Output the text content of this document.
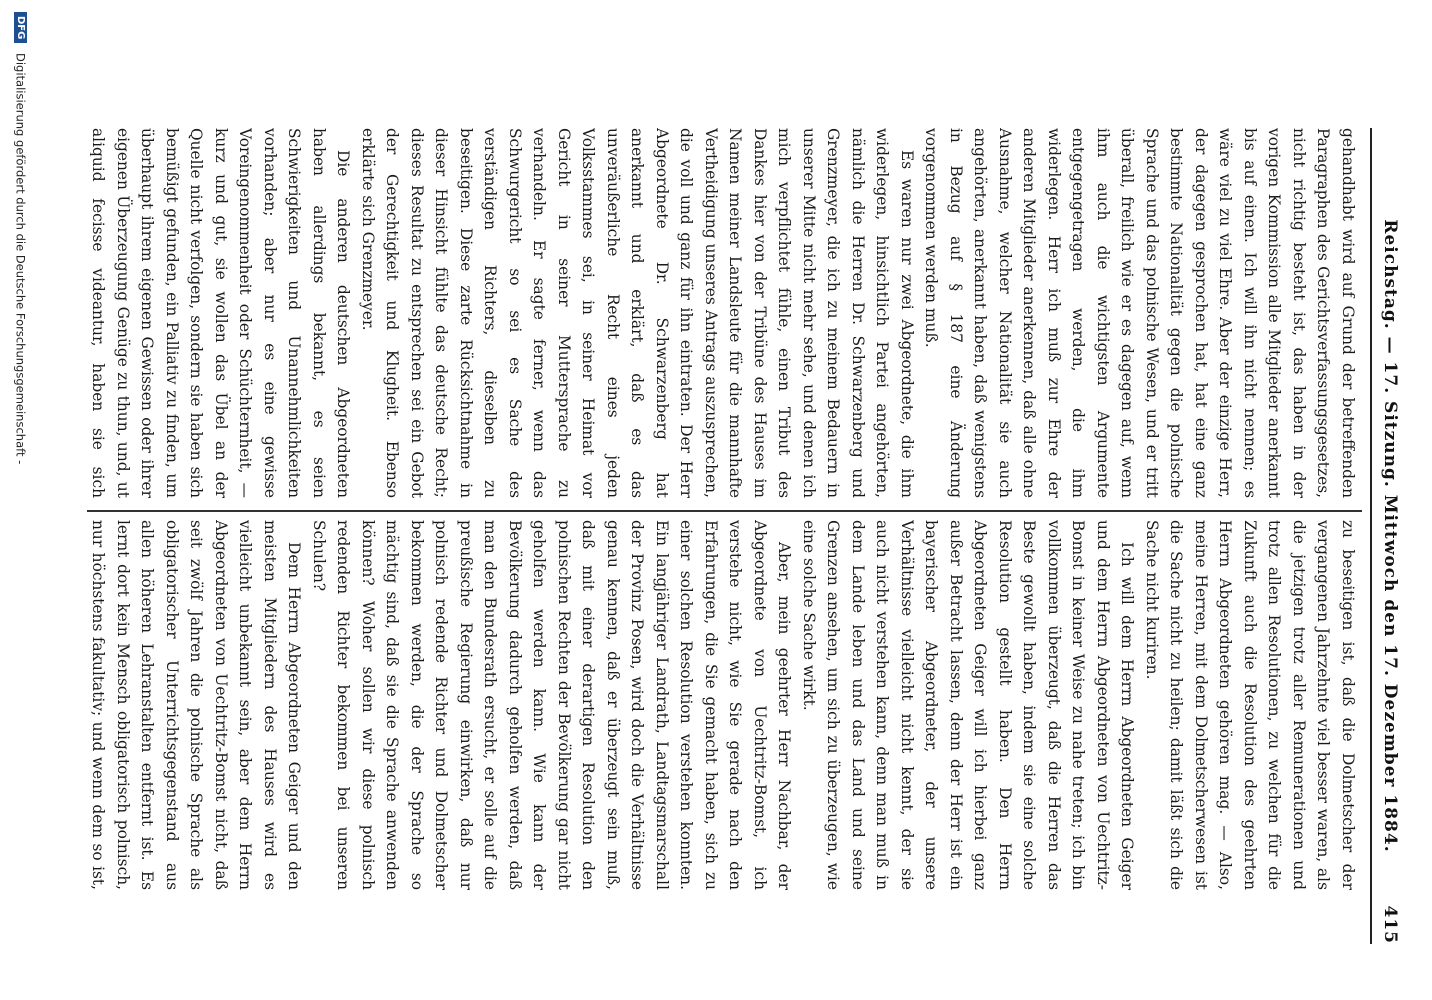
Reichstag. — 17. Sitzung. Mittwoch den 17. Dezember 1884.
415

gehandhabt wird auf Grund der betreffenden Paragraphen des Gerichtsverfassungsgesetzes, nicht richtig besteht ist, das haben in der vorigen Kommission alle Mitglieder anerkannt bis auf einen. Ich will ihn nicht nennen; es wäre viel zu viel Ehre. Aber der einzige Herr, der dagegen gesprochen hat, hat eine ganz bestimmte Nationalität gegen die polnische Sprache und das polnische Wesen, und er tritt überall, freilich wie er es dagegen auf, wenn ihm auch die wichtigsten Argumente entgegengetragen werden, die ihm widerlegen. Herr ich muß zur Ehre der anderen Mitglieder anerkennen, daß alle ohne Ausnahme, welcher Nationalität sie auch angehörten, anerkannt haben, daß wenigstens in Bezug auf § 187 eine Änderung vorgenommen werden muß.

Es waren nur zwei Abgeordnete, die ihm widerlegen, hinsichtlich Partei angehörten, nämlich die Herren Dr. Schwarzenberg und Grenzmeyer, die ich zu meinem Bedauern in unserer Mitte nicht mehr sehe, und denen ich mich verpflichtet fühle, einen Tribut des Dankes hier von der Tribüne des Hauses im Namen meiner Landsleute für die mannhafte Vertheidigung unseres Antrags auszusprechen, die voll und ganz für ihn eintraten. Der Herr Abgeordnete Dr. Schwarzenberg hat anerkannt und erklärt, daß es das unveräußerliche Recht eines jeden Volksstammes sei, in seiner Heimat vor Gericht in seiner Muttersprache zu verhandeln. Er sagte ferner, wenn das Schwurgericht so sei es Sache des verständigen Richters, dieselben zu beseitigen. Diese zarte Rücksichtnahme in dieser Hinsicht fühlte das deutsche Recht; dieses Resultat zu entsprechen sei ein Gebot der Gerechtigkeit und Klugheit. Ebenso erklärte sich Grenzmeyer.

Die anderen deutschen Abgeordneten haben allerdings bekannt, es seien Schwierigkeiten und Unannehmlichkeiten vorhanden; aber nur es eine gewisse Voreingenommenheit oder Schüchternheit, — kurz und gut, sie wollen das Übel an der Quelle nicht verfolgen, sondern sie haben sich bemüßigt gefunden, ein Palliativ zu finden, um überhaupt ihrem eigenen Gewissen oder ihrer eigenen Überzeugung Genüge zu thun, und, ut aliquid fecisse videantur, haben sie sich

zu beseitigen ist, daß die Dolmetscher der vergangenen Jahrzehnte viel besser waren, als die jetzigen trotz aller Remunerationen und trotz allen Resolutionen, zu welchen für die Zukunft auch die Resolution des geehrten Herrn Abgeordneten gehören mag. — Also, meine Herren, mit dem Dolmetscherwesen ist die Sache nicht zu heilen; damit läßt sich die Sache nicht kuriren.

Ich will dem Herrn Abgeordneten Geiger und dem Herrn Abgeordneten von Uechtritz-Bomst in keiner Weise zu nahe treten; ich bin vollkommen überzeugt, daß die Herren das Beste gewollt haben, indem sie eine solche Resolution gestellt haben. Den Herrn Abgeordneten Geiger will ich hierbei ganz außer Betracht lassen, denn der Herr ist ein bayerischer Abgeordneter, der unsere Verhältnisse vielleicht nicht kennt, der sie auch nicht verstehen kann, denn man muß in dem Lande leben und das Land und seine Grenzen ansehen, um sich zu überzeugen, wie eine solche Sache wirkt.

Aber, mein geehrter Herr Nachbar, der Abgeordnete von Uechtritz-Bomst, ich verstehe nicht, wie Sie gerade nach den Erfahrungen, die Sie gemacht haben, sich zu einer solchen Resolution verstehen konnten. Ein langjähriger Landrath, Landtagsmarschall der Provinz Posen, wird doch die Verhältnisse genau kennen, daß er überzeugt sein muß, daß mit einer derartigen Resolution den polnischen Rechten der Bevölkerung gar nicht geholfen werden kann. Wie kann der Bevölkerung dadurch geholfen werden, daß man den Bundesrath ersucht, er solle auf die preußische Regierung einwirken, daß nur polnisch redende Richter und Dolmetscher bekommen werden, die der Sprache so mächtig sind, daß sie die Sprache anwenden können? Woher sollen wir diese polnisch redenden Richter bekommen bei unseren Schulen?

Dem Herrn Abgeordneten Geiger und den meisten Mitgliedern des Hauses wird es vielleicht unbekannt sein, aber dem Herrn Abgeordneten von Uechtritz-Bomst nicht, daß seit zwölf Jahren die polnische Sprache als obligatorischer Unterrichtsgegenstand aus allen höheren Lehranstalten entfernt ist. Es lernt dort kein Mensch obligatorisch polnisch, nur höchstens fakultativ; und wenn dem so ist,

DFG Digitalisierung gefördert durch die Deutsche Forschungsgemeinschaft -
